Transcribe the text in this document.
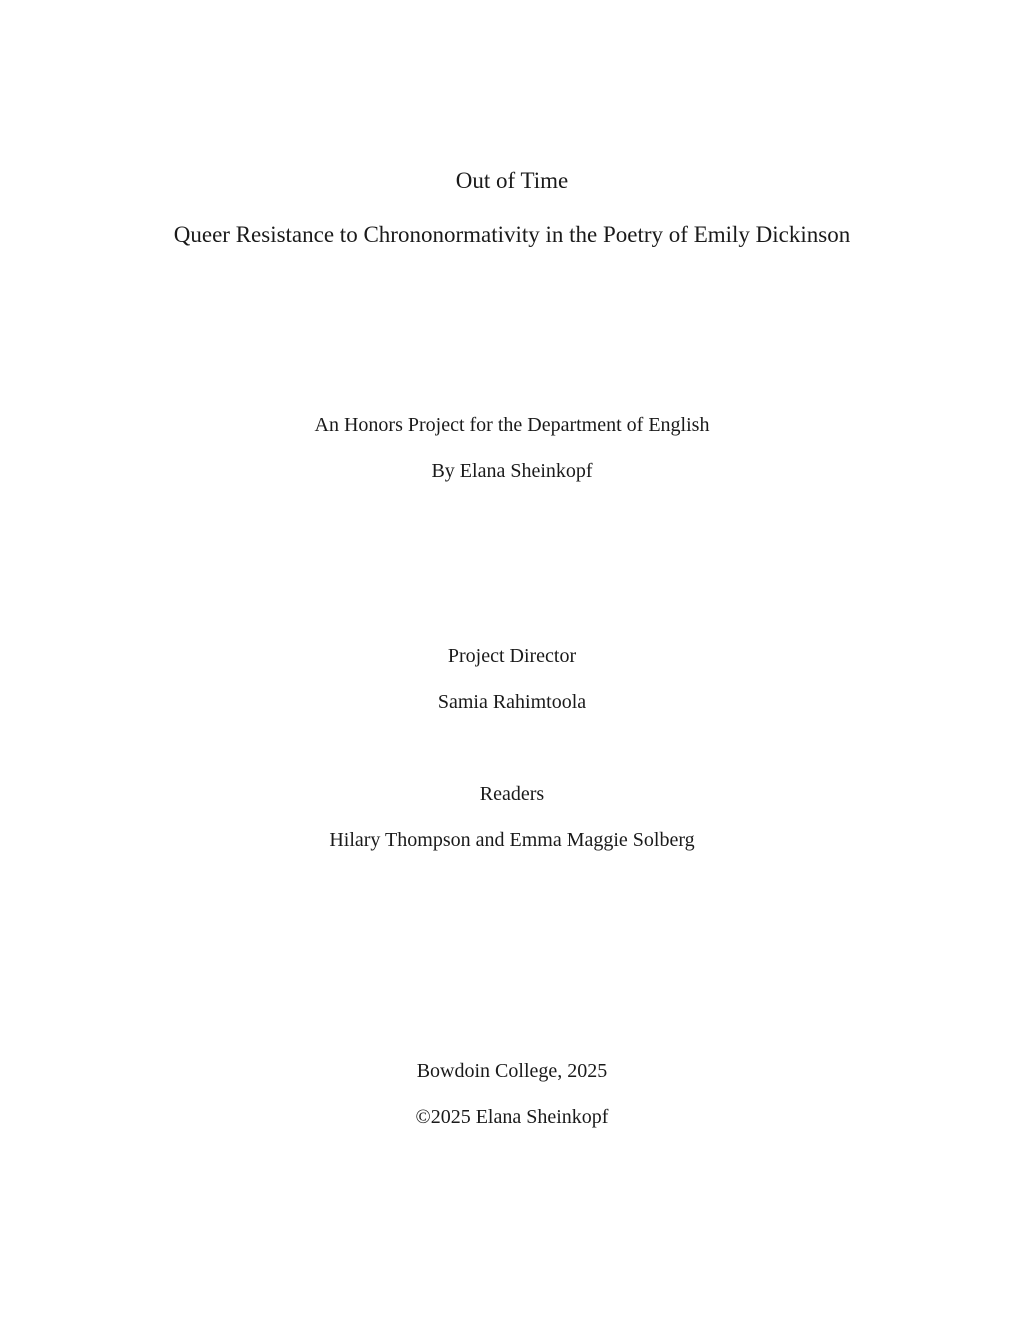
Out of Time
Queer Resistance to Chrononormativity in the Poetry of Emily Dickinson
An Honors Project for the Department of English
By Elana Sheinkopf
Project Director
Samia Rahimtoola
Readers
Hilary Thompson and Emma Maggie Solberg
Bowdoin College, 2025
©2025 Elana Sheinkopf
